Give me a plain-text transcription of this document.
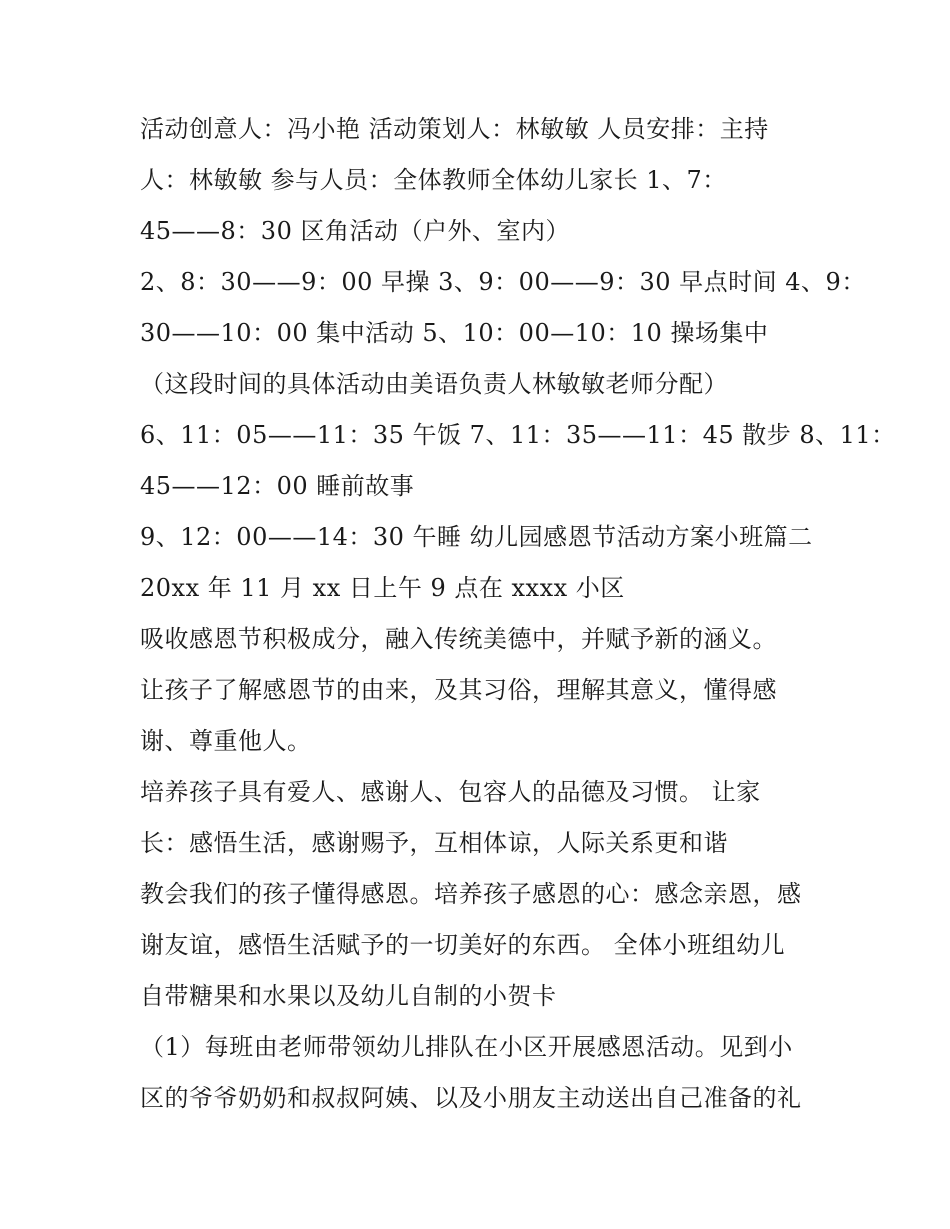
活动创意人：冯小艳 活动策划人：林敏敏 人员安排：主持
人：林敏敏 参与人员：全体教师全体幼儿家长 1、7：
45——8：30 区角活动（户外、室内）
2、8：30——9：00 早操 3、9：00——9：30 早点时间 4、9：
30——10：00 集中活动 5、10：00—10：10 操场集中
（这段时间的具体活动由美语负责人林敏敏老师分配）
6、11：05——11：35 午饭 7、11：35——11：45 散步 8、11：
45——12：00 睡前故事
9、12：00——14：30 午睡 幼儿园感恩节活动方案小班篇二
20xx 年 11 月 xx 日上午 9 点在 xxxx 小区
吸收感恩节积极成分，融入传统美德中，并赋予新的涵义。
让孩子了解感恩节的由来，及其习俗，理解其意义，懂得感
谢、尊重他人。
培养孩子具有爱人、感谢人、包容人的品德及习惯。 让家
长：感悟生活，感谢赐予，互相体谅，人际关系更和谐
教会我们的孩子懂得感恩。培养孩子感恩的心：感念亲恩，感
谢友谊，感悟生活赋予的一切美好的东西。 全体小班组幼儿
自带糖果和水果以及幼儿自制的小贺卡
（1）每班由老师带领幼儿排队在小区开展感恩活动。见到小
区的爷爷奶奶和叔叔阿姨、以及小朋友主动送出自己准备的礼
